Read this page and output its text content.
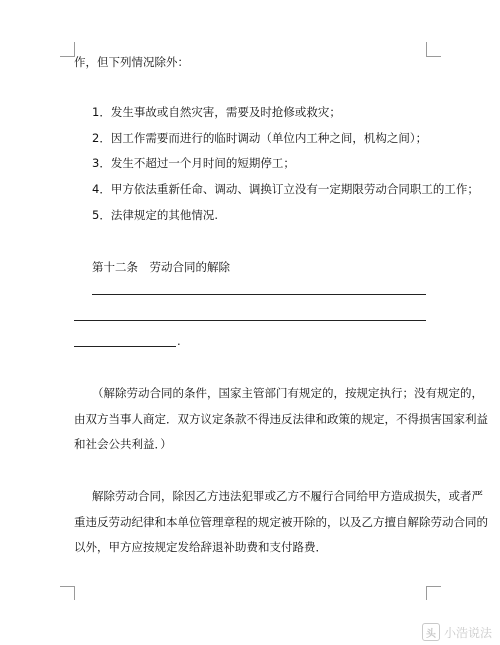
作，但下列情况除外：
1．发生事故或自然灾害，需要及时抢修或救灾；
2．因工作需要而进行的临时调动（单位内工种之间，机构之间）；
3．发生不超过一个月时间的短期停工；
4．甲方依法重新任命、调动、调换订立没有一定期限劳动合同职工的工作；
5．法律规定的其他情况.
第十二条　劳动合同的解除
.
（解除劳动合同的条件，国家主管部门有规定的，按规定执行；没有规定的，
由双方当事人商定．双方议定条款不得违反法律和政策的规定，不得损害国家利益
和社会公共利益．）
解除劳动合同，除因乙方违法犯罪或乙方不履行合同给甲方造成损失，或者严
重违反劳动纪律和本单位管理章程的规定被开除的，以及乙方擅自解除劳动合同的
以外，甲方应按规定发给辞退补助费和支付路费．
头 小浩说法
